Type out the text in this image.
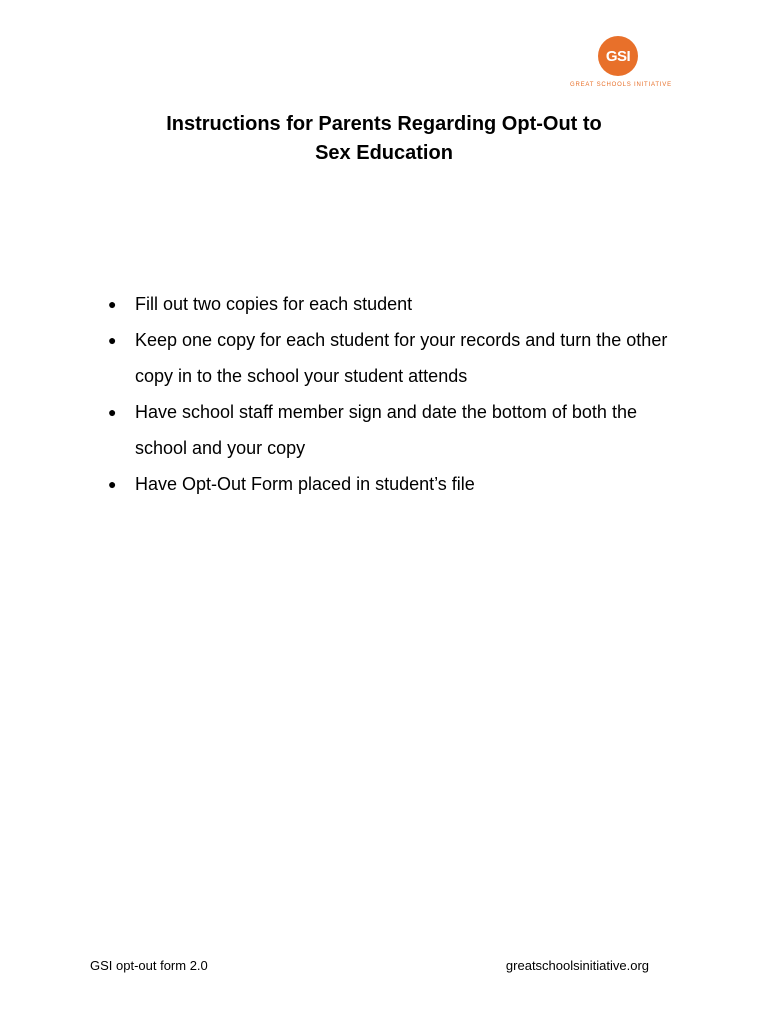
GSI
GREAT SCHOOLS INITIATIVE
Instructions for Parents Regarding Opt-Out to
Sex Education
● Fill out two copies for each student
● Keep one copy for each student for your records and turn the other copy in to the school your student attends
● Have school staff member sign and date the bottom of both the school and your copy
● Have Opt-Out Form placed in student’s file
GSI opt-out form 2.0	greatschoolsinitiative.org
